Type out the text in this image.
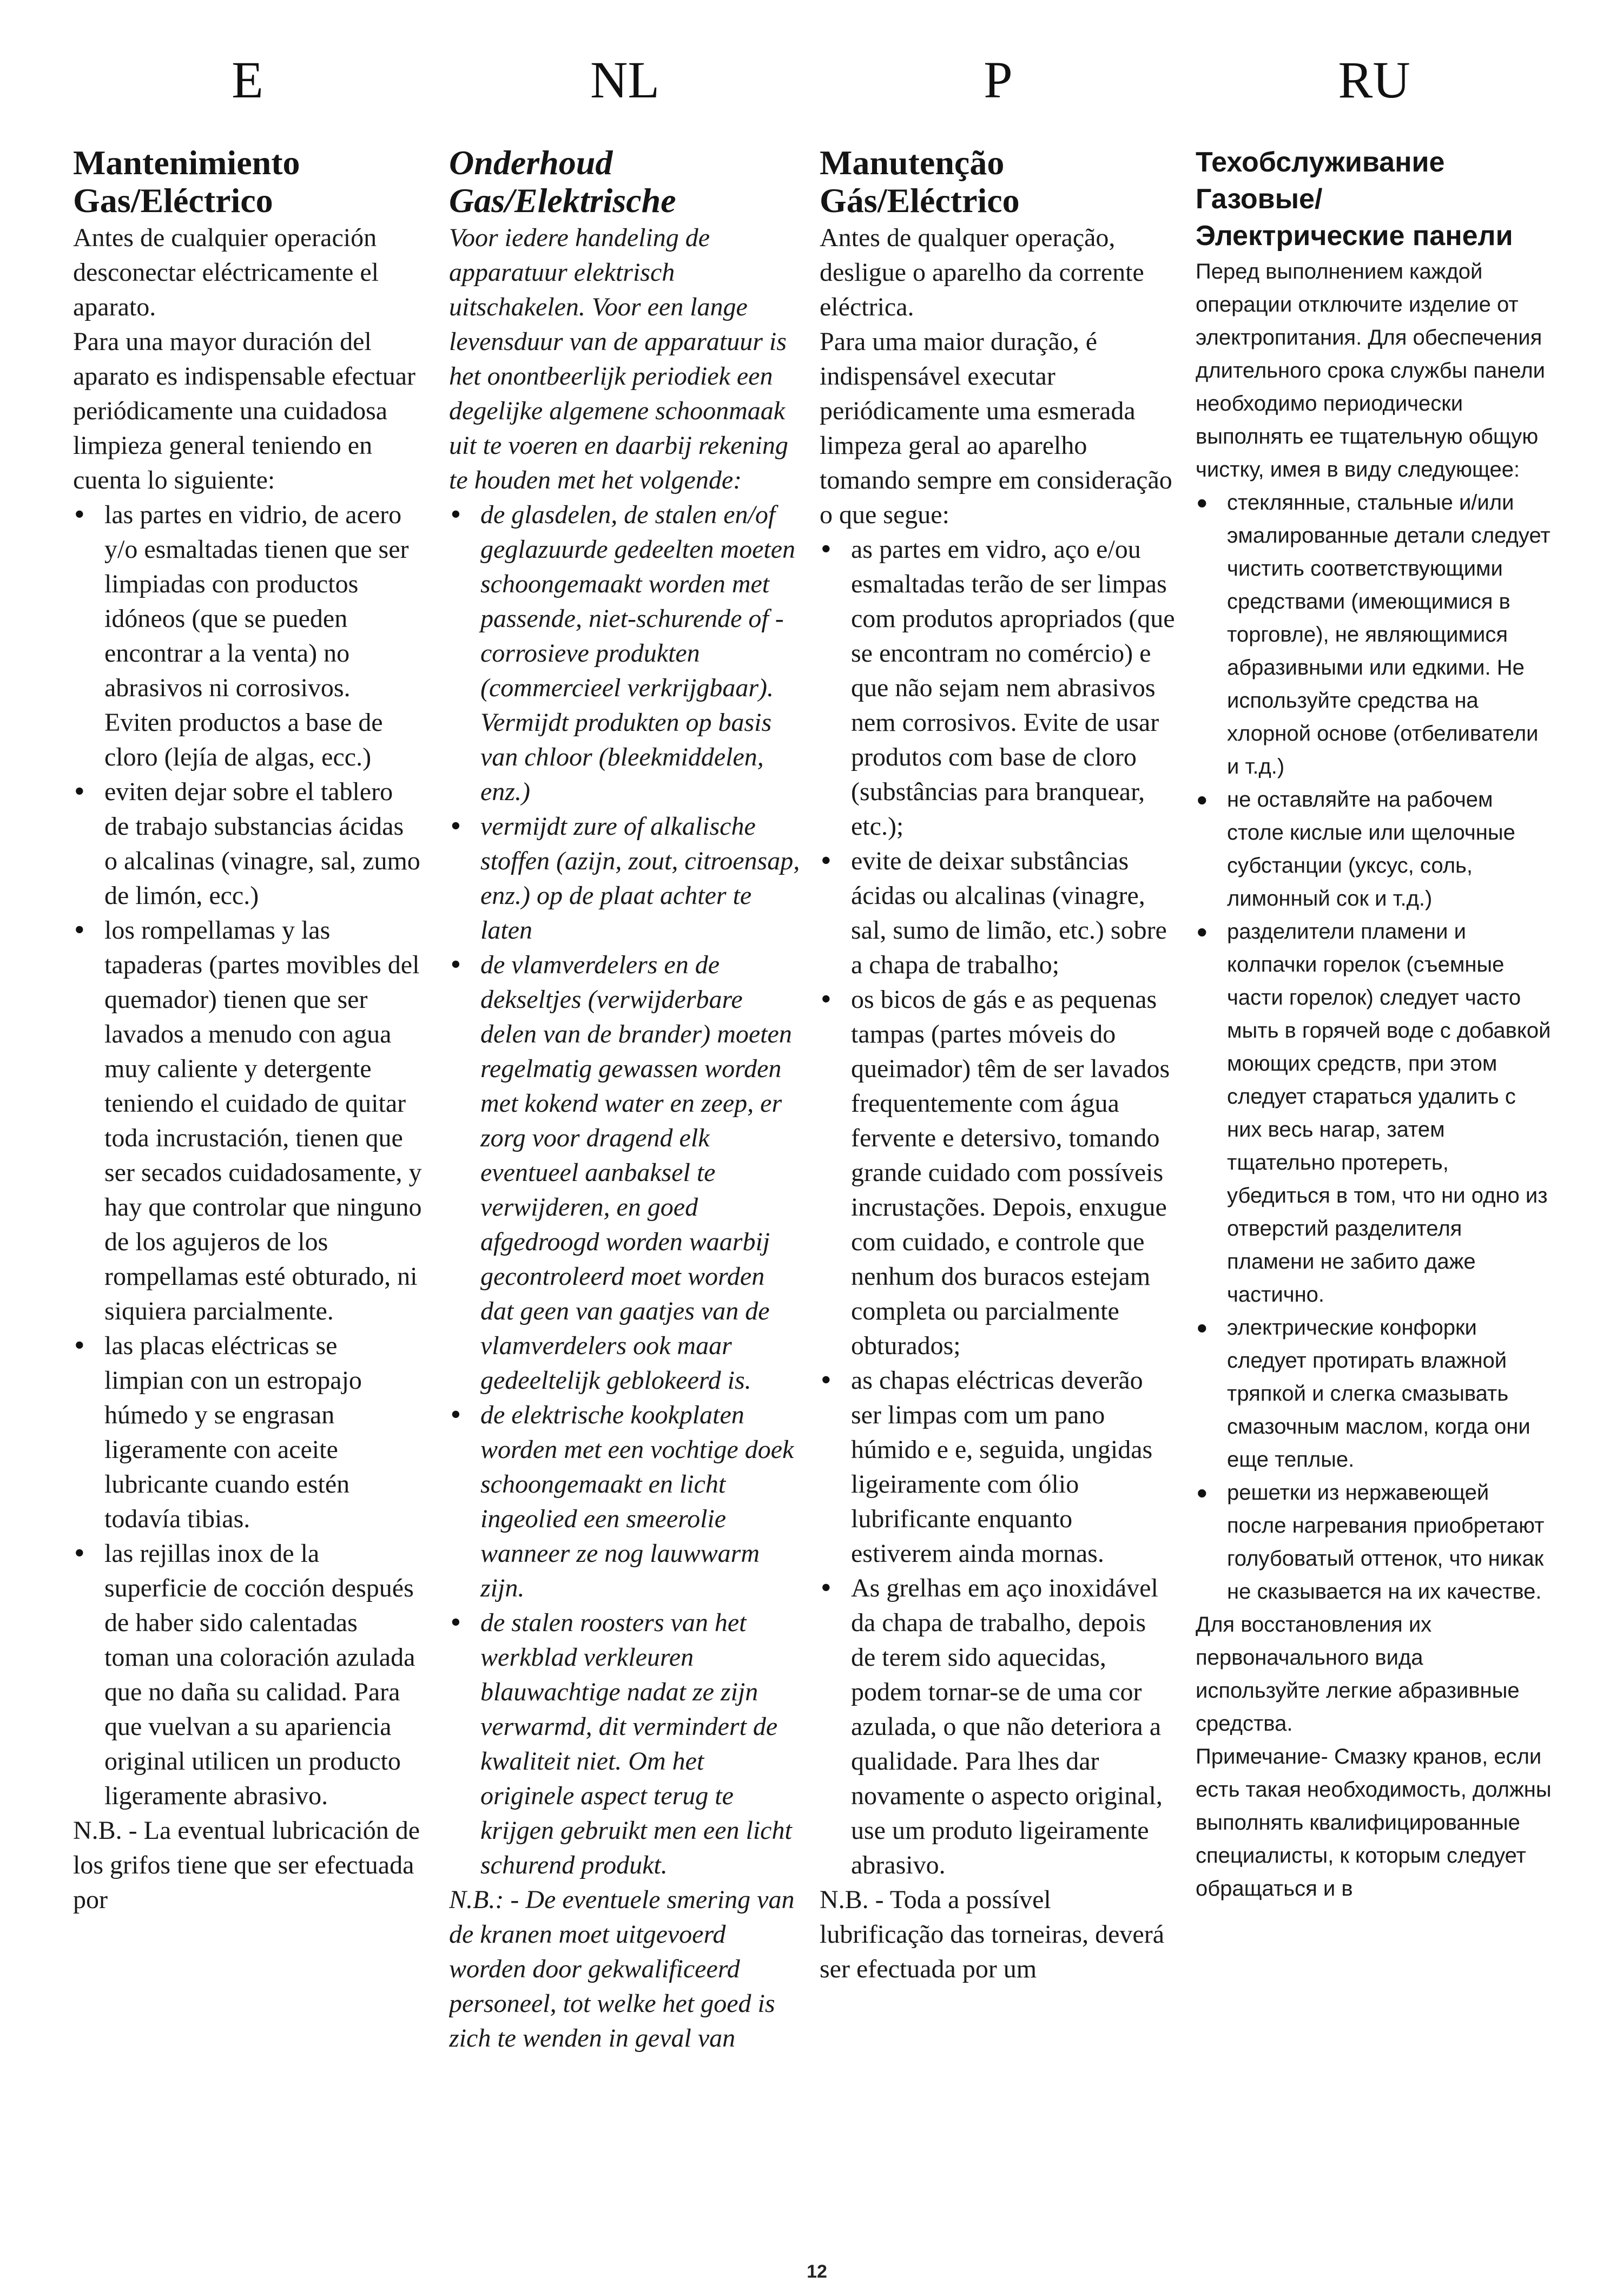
E
Mantenimiento
Gas/Eléctrico

Antes de cualquier operación desconectar eléctricamente el aparato.

Para una mayor duración del aparato es indispensable efectuar periódicamente una cuidadosa limpieza general teniendo en cuenta lo siguiente:

• las partes en vidrio, de acero y/o esmaltadas tienen que ser limpiadas con productos idóneos (que se pueden encontrar a la venta) no abrasivos ni corrosivos. Eviten productos a base de cloro (lejía de algas, ecc.)
• eviten dejar sobre el tablero de trabajo substancias ácidas o alcalinas (vinagre, sal, zumo de limón, ecc.)
• los rompellamas y las tapaderas (partes movibles del quemador) tienen que ser lavados a menudo con agua muy caliente y detergente teniendo el cuidado de quitar toda incrustación, tienen que ser secados cuidadosamente, y hay que controlar que ninguno de los agujeros de los rompellamas esté obturado, ni siquiera parcialmente.
• las placas eléctricas se limpian con un estropajo húmedo y se engrasan ligeramente con aceite lubricante cuando estén todavía tibias.
• las rejillas inox de la superficie de cocción después de haber sido calentadas toman una coloración azulada que no daña su calidad. Para que vuelvan a su apariencia original utilicen un producto ligeramente abrasivo.

N.B. - La eventual lubricación de los grifos tiene que ser efectuada por

NL
Onderhoud
Gas/Elektrische

Voor iedere handeling de apparatuur elektrisch uitschakelen. Voor een lange levensduur van de apparatuur is het onontbeerlijk periodiek een degelijke algemene schoonmaak uit te voeren en daarbij rekening te houden met het volgende:

• de glasdelen, de stalen en/of geglazuurde gedeelten moeten schoongemaakt worden met passende, niet-schurende of -corrosieve produkten (commercieel verkrijgbaar). Vermijdt produkten op basis van chloor (bleekmiddelen, enz.)
• vermijdt zure of alkalische stoffen (azijn, zout, citroensap, enz.) op de plaat achter te laten
• de vlamverdelers en de dekseltjes (verwijderbare delen van de brander) moeten regelmatig gewassen worden met kokend water en zeep, er zorg voor dragend elk eventueel aanbaksel te verwijderen, en goed afgedroogd worden waarbij gecontroleerd moet worden dat geen van gaatjes van de vlamverdelers ook maar gedeeltelijk geblokeerd is.
• de elektrische kookplaten worden met een vochtige doek schoongemaakt en licht ingeolied een smeerolie wanneer ze nog lauwwarm zijn.
• de stalen roosters van het werkblad verkleuren blauwachtige nadat ze zijn verwarmd, dit vermindert de kwaliteit niet. Om het originele aspect terug te krijgen gebruikt men een licht schurend produkt.

N.B.: - De eventuele smering van de kranen moet uitgevoerd worden door gekwalificeerd personeel, tot welke het goed is zich te wenden in geval van

P
Manutenção
Gás/Eléctrico

Antes de qualquer operação, desligue o aparelho da corrente eléctrica.

Para uma maior duração, é indispensável executar periódicamente uma esmerada limpeza geral ao aparelho tomando sempre em consideração o que segue:

• as partes em vidro, aço e/ou esmaltadas terão de ser limpas com produtos apropriados (que se encontram no comércio) e que não sejam nem abrasivos nem corrosivos. Evite de usar produtos com base de cloro (substâncias para branquear, etc.);
• evite de deixar substâncias ácidas ou alcalinas (vinagre, sal, sumo de limão, etc.) sobre a chapa de trabalho;
• os bicos de gás e as pequenas tampas (partes móveis do queimador) têm de ser lavados frequentemente com água fervente e detersivo, tomando grande cuidado com possíveis incrustações. Depois, enxugue com cuidado, e controle que nenhum dos buracos estejam completa ou parcialmente obturados;
• as chapas eléctricas deverão ser limpas com um pano húmido e e, seguida, ungidas ligeiramente com ólio lubrificante enquanto estiverem ainda mornas.
• As grelhas em aço inoxidável da chapa de trabalho, depois de terem sido aquecidas, podem tornar-se de uma cor azulada, o que não deteriora a qualidade. Para lhes dar novamente o aspecto original, use um produto ligeiramente abrasivo.

N.B. - Toda a possível lubrificação das torneiras, deverá ser efectuada por um

RU
Техобслуживание
Газовые/
Электрические панели

Перед выполнением каждой операции отключите изделие от электропитания. Для обеспечения длительного срока службы панели необходимо периодически выполнять ее тщательную общую чистку, имея в виду следующее:

• стеклянные, стальные и/или эмалированные детали следует чистить соответствующими средствами (имеющимися в торговле), не являющимися абразивными или едкими. Не используйте средства на хлорной основе (отбеливатели и т.д.)
• не оставляйте на рабочем столе кислые или щелочные субстанции (уксус, соль, лимонный сок и т.д.)
• разделители пламени и колпачки горелок (съемные части горелок) следует часто мыть в горячей воде с добавкой моющих средств, при этом следует стараться удалить с них весь нагар, затем тщательно протереть, убедиться в том, что ни одно из отверстий разделителя пламени не забито даже частично.
• электрические конфорки следует протирать влажной тряпкой и слегка смазывать смазочным маслом, когда они еще теплые.
• решетки из нержавеющей после нагревания приобретают голубоватый оттенок, что никак не сказывается на их качестве.

Для восстановления их первоначального вида используйте легкие абразивные средства.

Примечание- Смазку кранов, если есть такая необходимость, должны выполнять квалифицированные специалисты, к которым следует обращаться и в

12
